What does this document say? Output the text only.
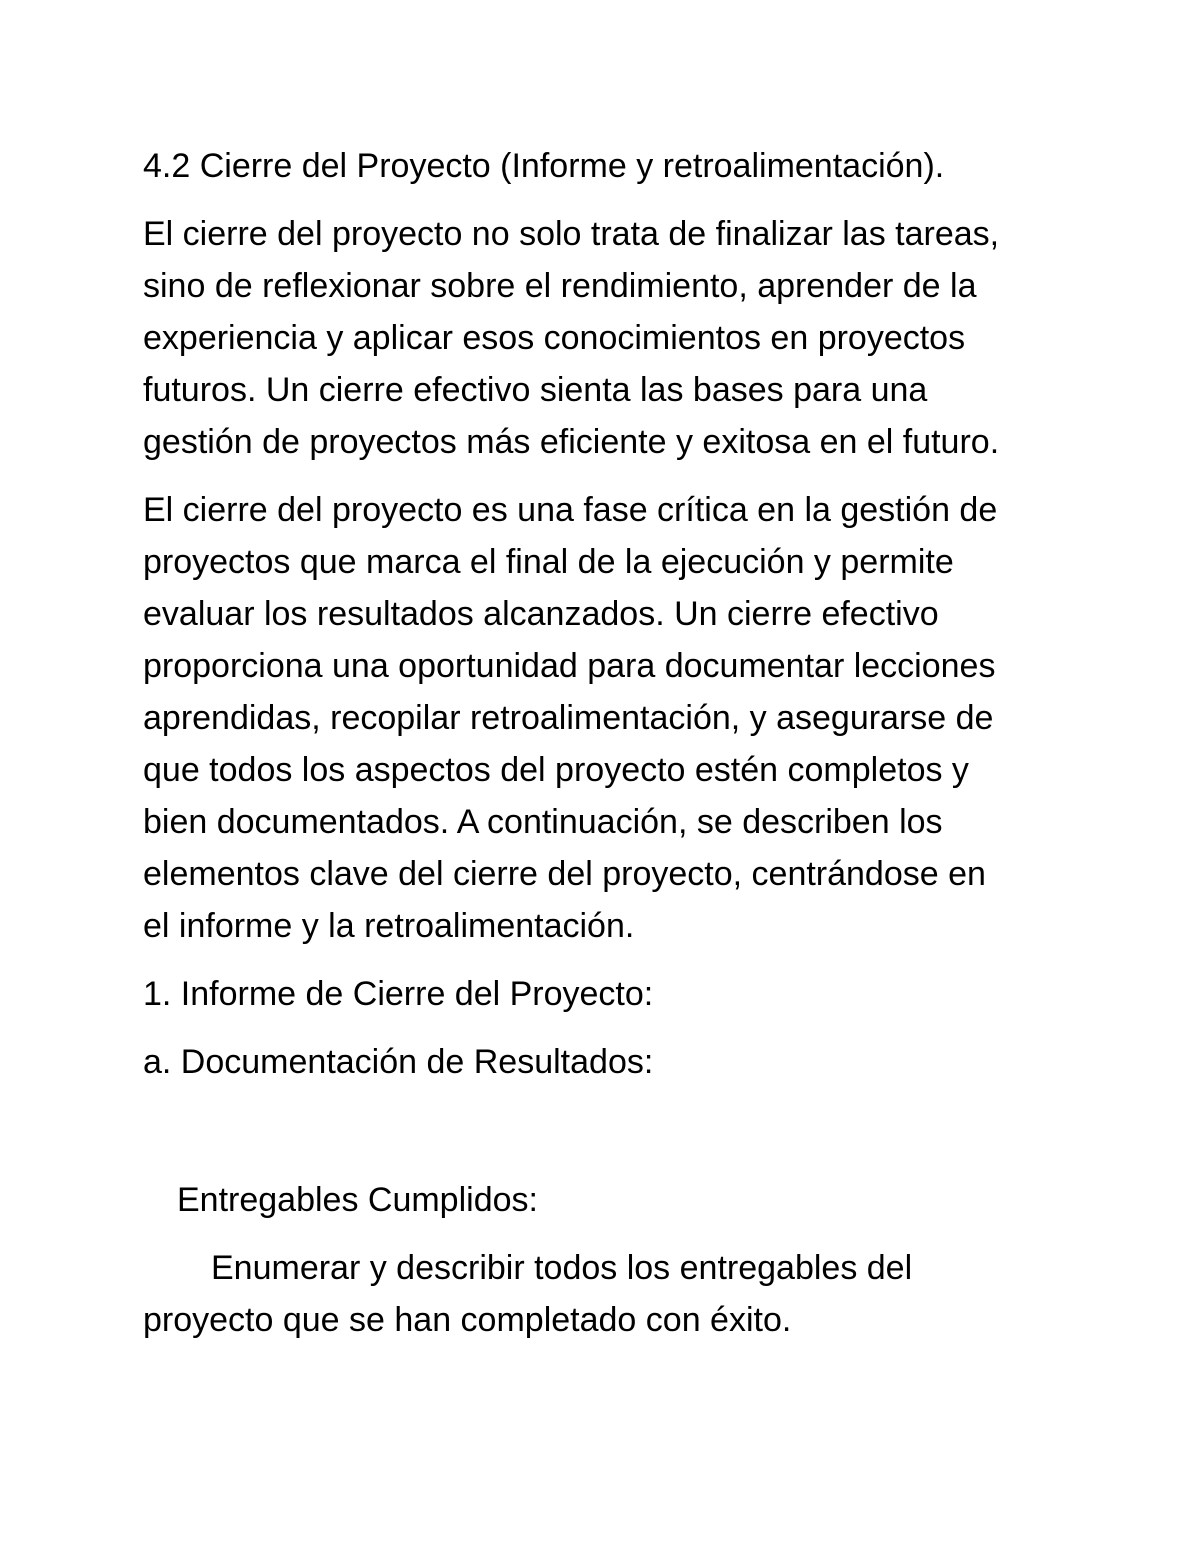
4.2 Cierre del Proyecto (Informe y retroalimentación).

El cierre del proyecto no solo trata de finalizar las tareas,

sino de reflexionar sobre el rendimiento, aprender de la

experiencia y aplicar esos conocimientos en proyectos

futuros. Un cierre efectivo sienta las bases para una

gestión de proyectos más eficiente y exitosa en el futuro.

El cierre del proyecto es una fase crítica en la gestión de

proyectos que marca el final de la ejecución y permite

evaluar los resultados alcanzados. Un cierre efectivo

proporciona una oportunidad para documentar lecciones

aprendidas, recopilar retroalimentación, y asegurarse de

que todos los aspectos del proyecto estén completos y

bien documentados. A continuación, se describen los

elementos clave del cierre del proyecto, centrándose en

el informe y la retroalimentación.

1. Informe de Cierre del Proyecto:

a. Documentación de Resultados:

Entregables Cumplidos:

Enumerar y describir todos los entregables del

proyecto que se han completado con éxito.
